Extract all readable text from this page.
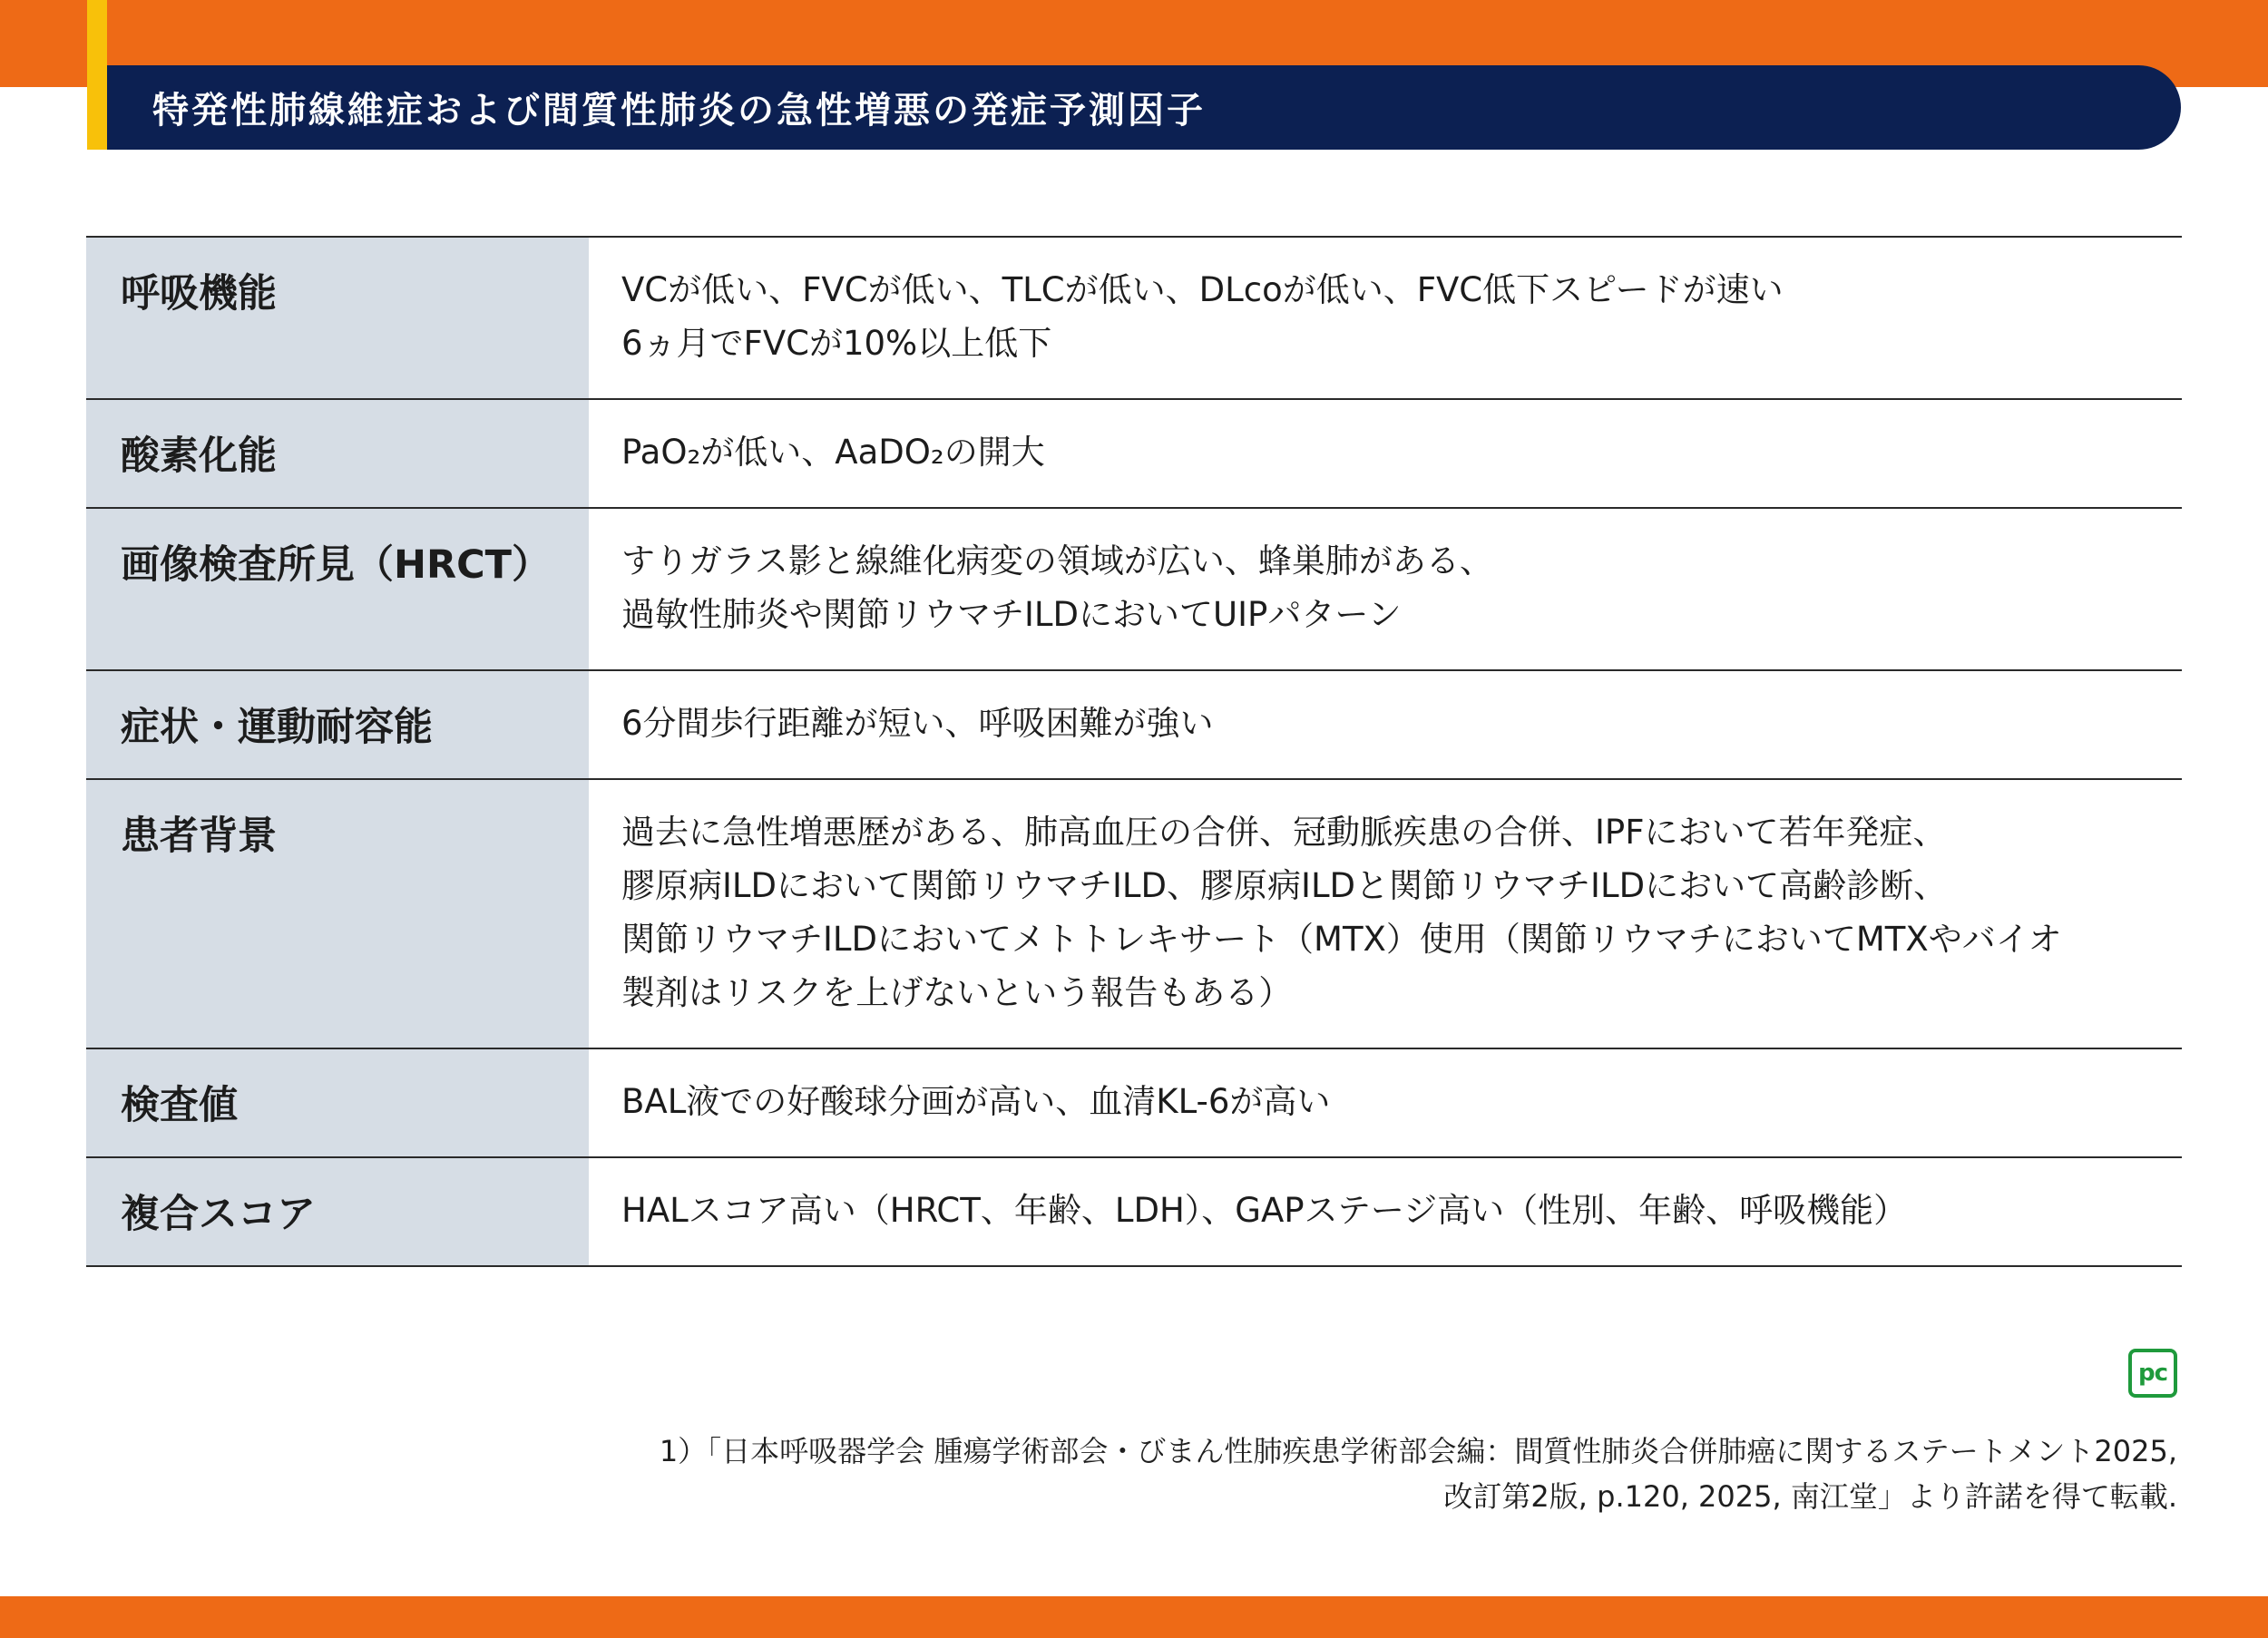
特発性肺線維症および間質性肺炎の急性増悪の発症予測因子
呼吸機能	VCが低い、FVCが低い、TLCが低い、DLcoが低い、FVC低下スピードが速い
6ヵ月でFVCが10%以上低下
酸素化能	PaO₂が低い、AaDO₂の開大
画像検査所見（HRCT）	すりガラス影と線維化病変の領域が広い、蜂巣肺がある、
過敏性肺炎や関節リウマチILDにおいてUIPパターン
症状・運動耐容能	6分間歩行距離が短い、呼吸困難が強い
患者背景	過去に急性増悪歴がある、肺高血圧の合併、冠動脈疾患の合併、IPFにおいて若年発症、
膠原病ILDにおいて関節リウマチILD、膠原病ILDと関節リウマチILDにおいて高齢診断、
関節リウマチILDにおいてメトトレキサート（MTX）使用（関節リウマチにおいてMTXやバイオ
製剤はリスクを上げないという報告もある）
検査値	BAL液での好酸球分画が高い、血清KL-6が高い
複合スコア	HALスコア高い（HRCT、年齢、LDH）、GAPステージ高い（性別、年齢、呼吸機能）
pc
1）「日本呼吸器学会 腫瘍学術部会・びまん性肺疾患学術部会編：間質性肺炎合併肺癌に関するステートメント2025,
改訂第2版, p.120, 2025, 南江堂」より許諾を得て転載.
